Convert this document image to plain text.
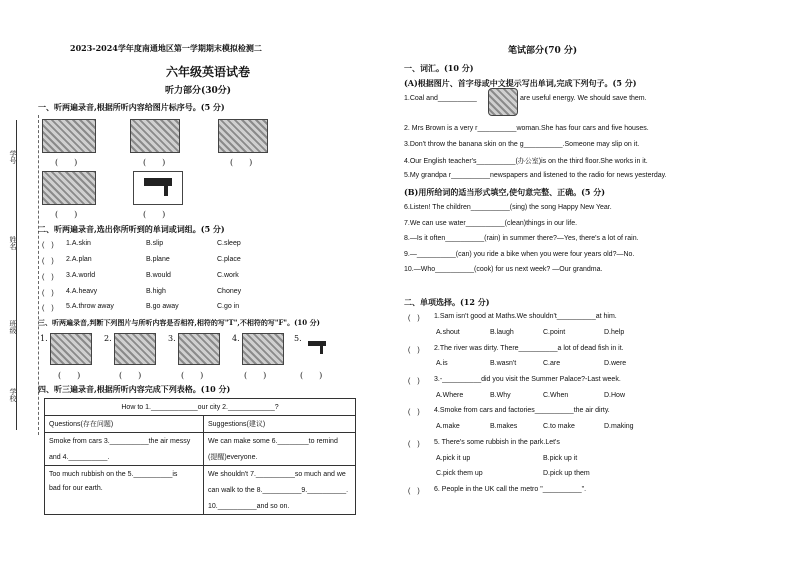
学号
姓名
班级
学校
2023-2024学年度南通地区第一学期期末模拟检测二
六年级英语试卷
听力部分(30分)
一、听两遍录音,根据所听内容给图片标序号。(5 分)
(　　)	(　　)	(　　)
(　　)	(　　)
二、听两遍录音,选出你所听到的单词或词组。(5 分)
(　) 1.A.skin	B.slip	C.sleep
(　) 2.A.plan	B.plane	C.place
(　) 3.A.world	B.would	C.work
(　) 4.A.heavy	B.high	Choney
(　) 5.A.throw away	B.go away	C.go in
三、听两遍录音,判断下列图片与所听内容是否相符,相符的写"T",不相符的写"F"。(10 分)
1.	2.	3.	4.	5.
(　　)	(　　)	(　　)	(　　)	(　　)
四、听三遍录音,根据所听内容完成下列表格。(10 分)
How to 1.____________our city 2.____________?	
Questions(存在问题)	Suggestions(建议)
Smoke from cars 3.__________the air messy	We can make some 6.________to remind
and 4.__________.	(提醒)everyone.
Too much rubbish on the 5.__________is	We shouldn't 7.__________so much and we
bad for our earth.	can walk to the 8.__________9.__________.
	10.__________and so on.
笔试部分(70 分)
一、词汇。(10 分)
(A)根据图片、首字母或中文提示写出单词,完成下列句子。(5 分)
1.Coal and__________	are useful energy. We should save them.
2. Mrs Brown is a very r__________woman.She has four cars and five houses.
3.Don't throw the banana skin on the g__________.Someone may slip on it.
4.Our English teacher's__________(办公室)is on the third floor.She works in it.
5.My grandpa r__________newspapers and listened to the radio for news yesterday.
(B)用所给词的适当形式填空,使句意完整、正确。(5 分)
6.Listen! The children__________(sing) the song Happy New Year.
7.We can use water__________(clean)things in our life.
8.—Is it often__________(rain) in summer there?—Yes, there's a lot of rain.
9.—__________(can) you ride a bike when you were four years old?—No.
10.—Who__________(cook) for us next week? —Our grandma.
二、单项选择。(12 分)
(　) 1.Sam isn't good at Maths.We shouldn't__________at him.
A.shout	B.laugh	C.point	D.help
(　) 2.The river was dirty. There__________a lot of dead fish in it.
A.is	B.wasn't	C.are	D.were
(　) 3.-__________did you visit the Summer Palace?-Last week.
A.Where	B.Why	C.When	D.How
(　) 4.Smoke from cars and factories__________the air dirty.
A.make	B.makes	C.to make	D.making
(　) 5. There's some rubbish in the park.Let's
A.pick it up	B.pick up it
C.pick them up	D.pick up them
(　) 6. People in the UK call the metro "__________".
